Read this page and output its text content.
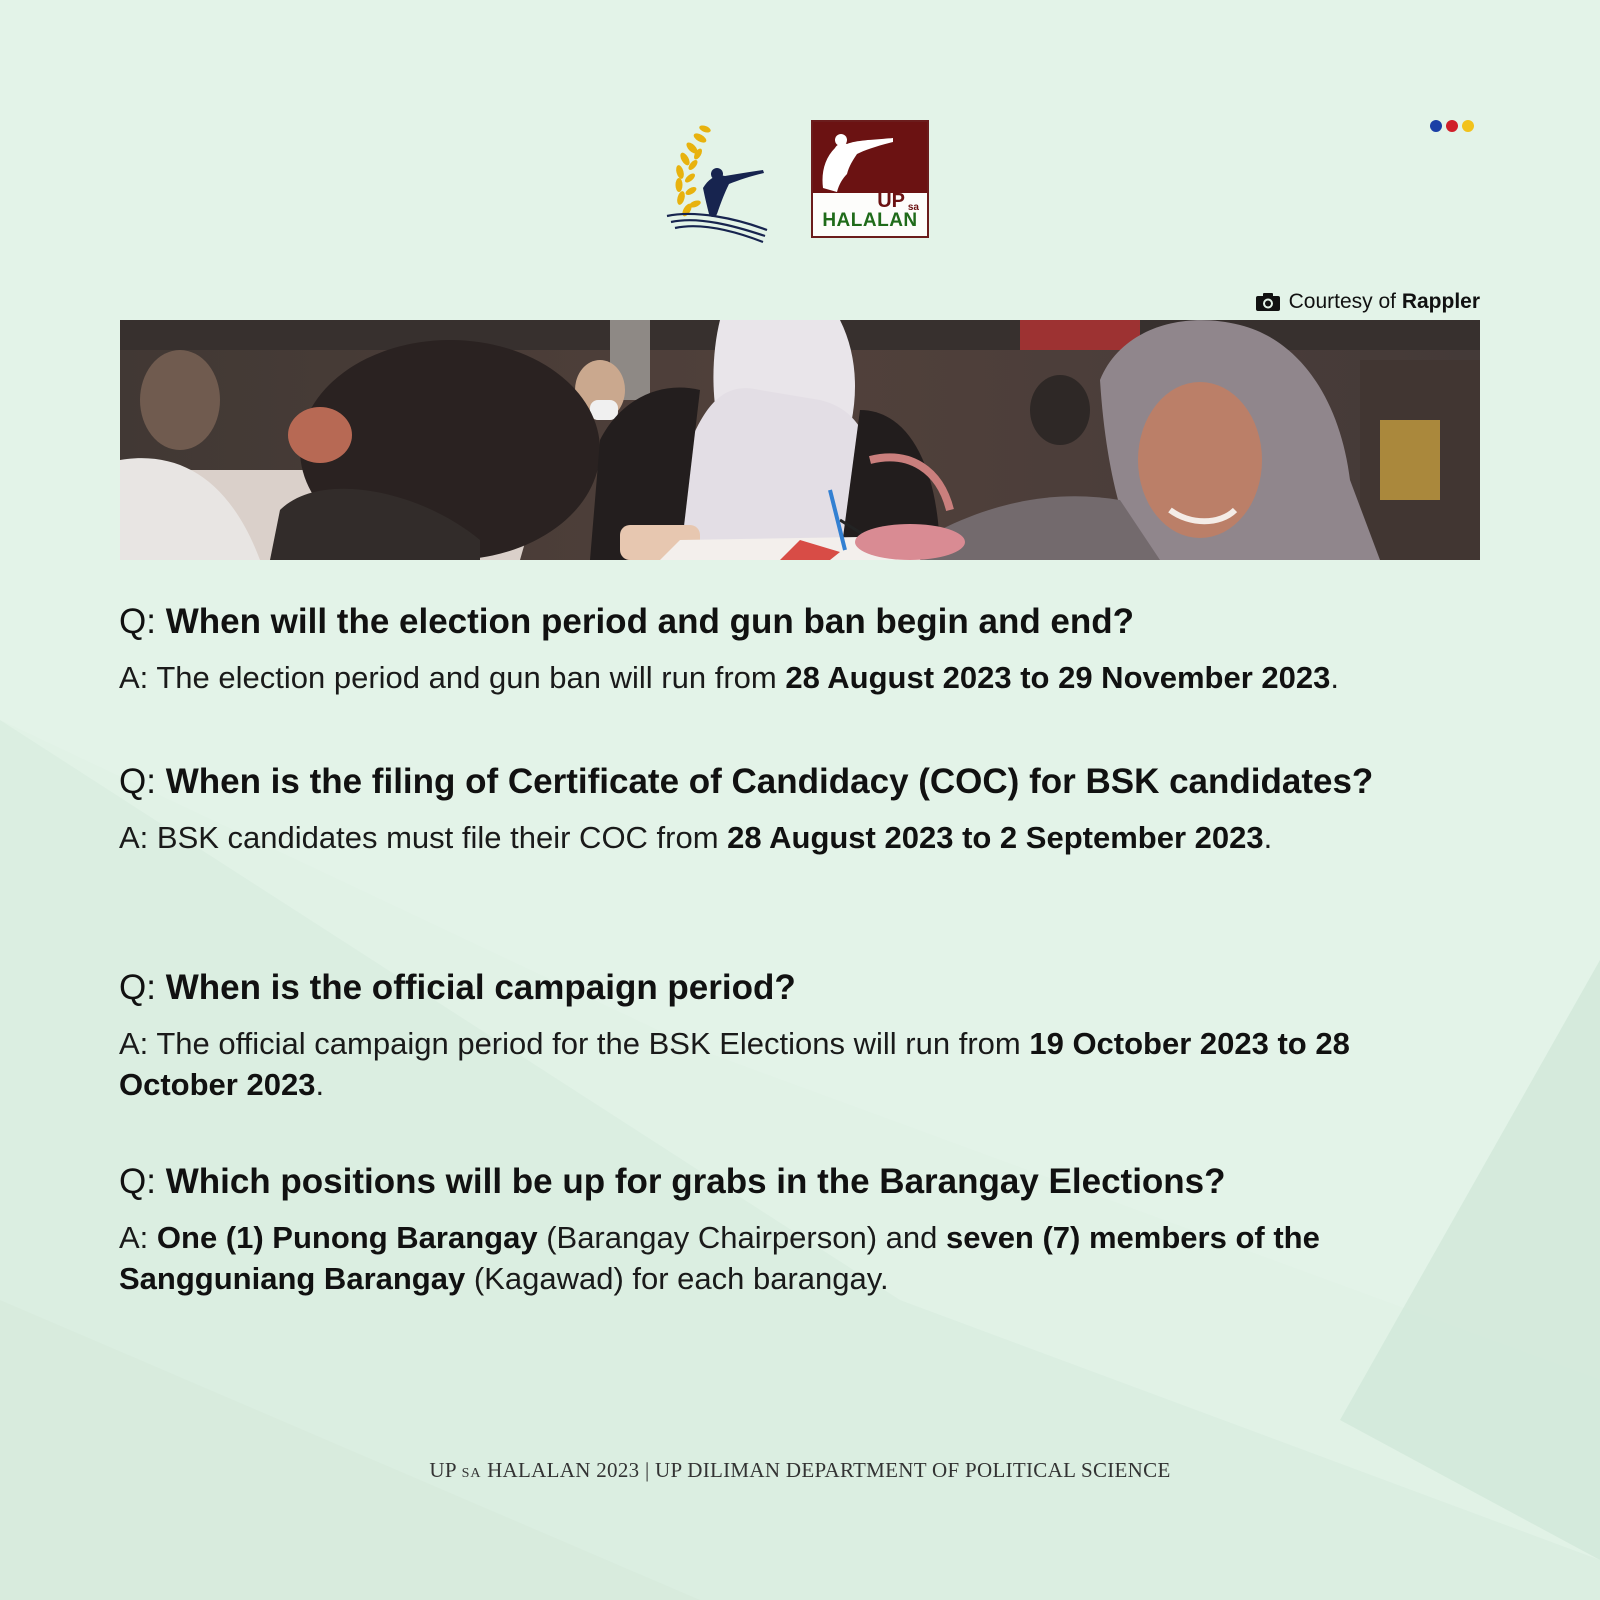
UP sa
HALALAN
Courtesy of Rappler

Q: When will the election period and gun ban begin and end?

A: The election period and gun ban will run from 28 August 2023 to 29 November 2023.

Q: When is the filing of Certificate of Candidacy (COC) for BSK candidates?

A: BSK candidates must file their COC from 28 August 2023 to 2 September 2023.

Q: When is the official campaign period?

A: The official campaign period for the BSK Elections will run from 19 October 2023 to 28 October 2023.

Q: Which positions will be up for grabs in the Barangay Elections?

A: One (1) Punong Barangay (Barangay Chairperson) and seven (7) members of the Sangguniang Barangay (Kagawad) for each barangay.

UP SA HALALAN 2023 | UP DILIMAN DEPARTMENT OF POLITICAL SCIENCE
